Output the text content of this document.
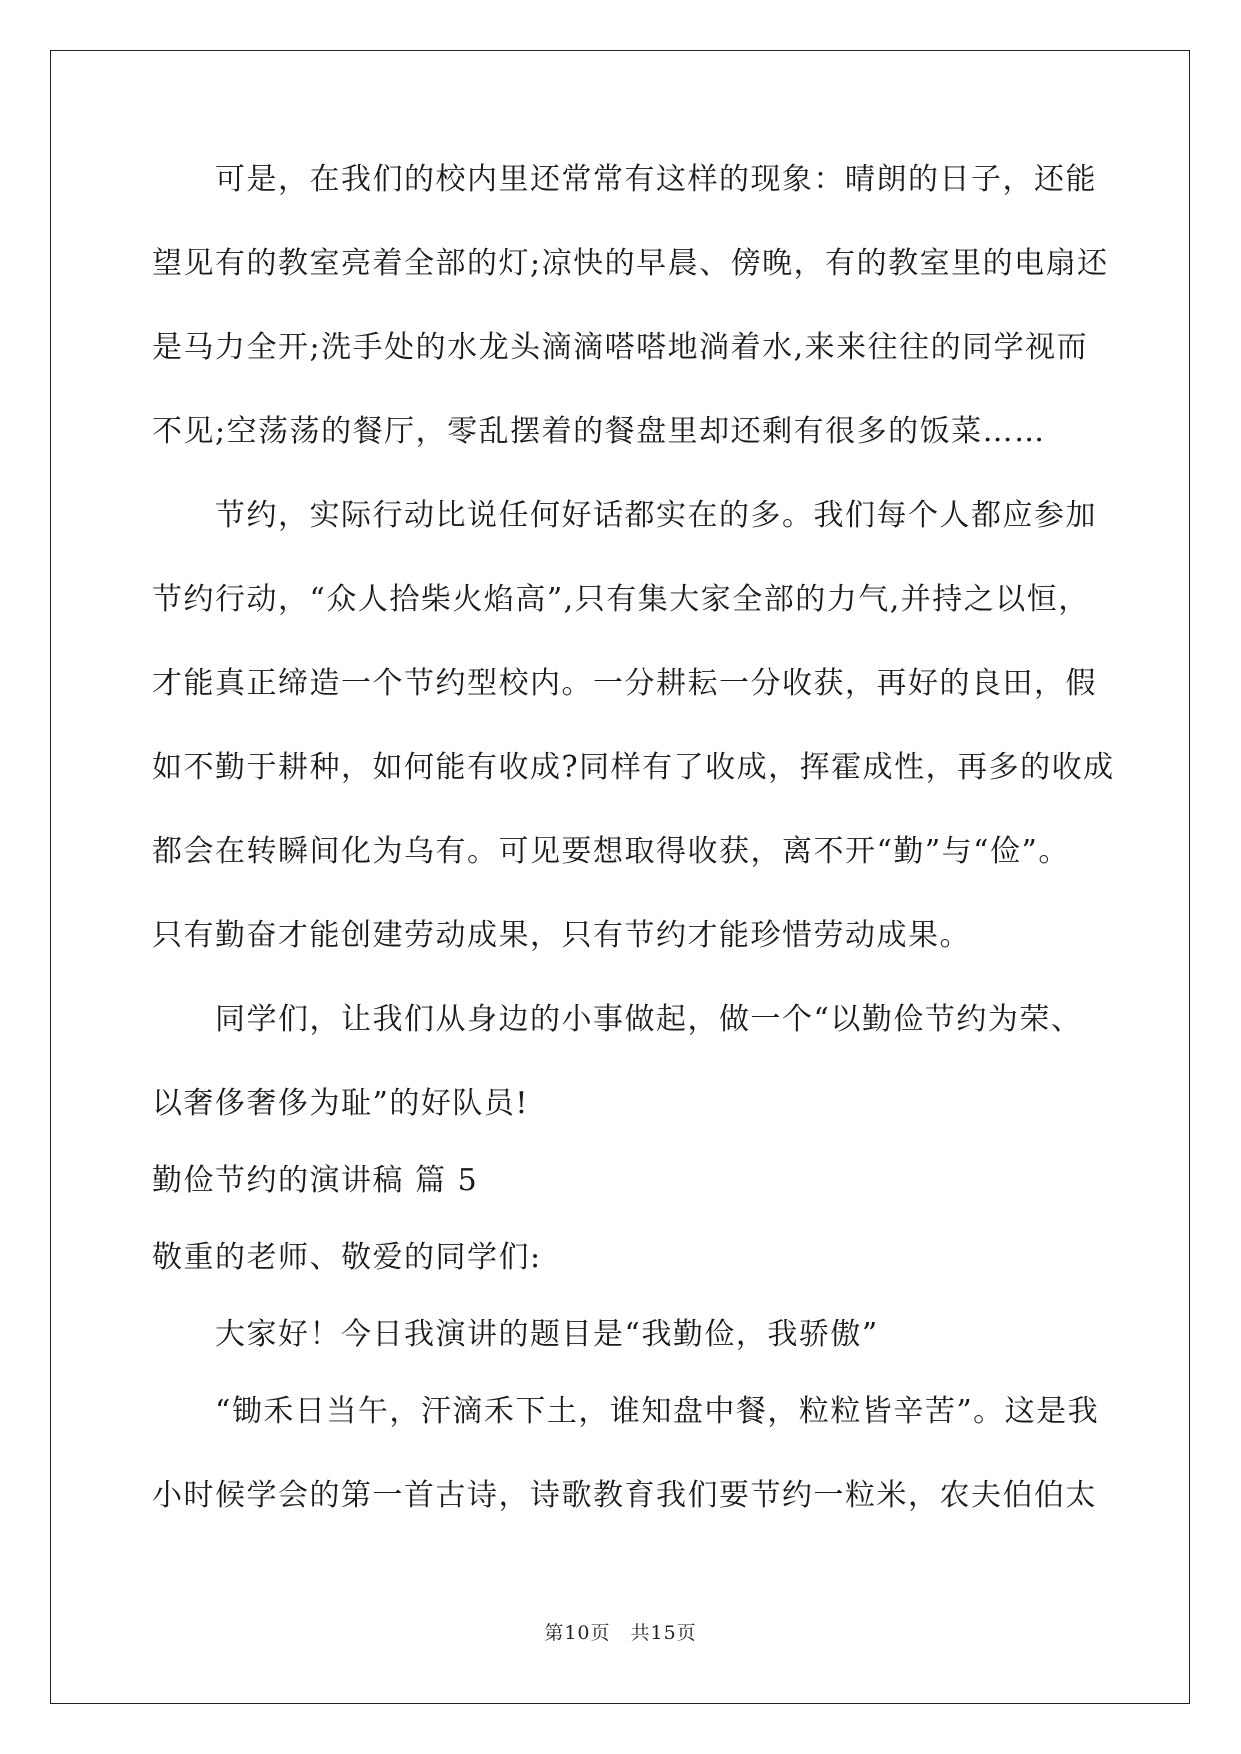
　　可是，在我们的校内里还常常有这样的现象：晴朗的日子，还能
望见有的教室亮着全部的灯;凉快的早晨、傍晚，有的教室里的电扇还
是马力全开;洗手处的水龙头滴滴嗒嗒地淌着水,来来往往的同学视而
不见;空荡荡的餐厅，零乱摆着的餐盘里却还剩有很多的饭菜……
　　节约，实际行动比说任何好话都实在的多。我们每个人都应参加
节约行动，“众人拾柴火焰高”,只有集大家全部的力气,并持之以恒，
才能真正缔造一个节约型校内。一分耕耘一分收获，再好的良田，假
如不勤于耕种，如何能有收成?同样有了收成，挥霍成性，再多的收成
都会在转瞬间化为乌有。可见要想取得收获，离不开“勤”与“俭”。
只有勤奋才能创建劳动成果，只有节约才能珍惜劳动成果。
　　同学们，让我们从身边的小事做起，做一个“以勤俭节约为荣、
以奢侈奢侈为耻”的好队员!
勤俭节约的演讲稿 篇 5
敬重的老师、敬爱的同学们:
　　大家好！今日我演讲的题目是“我勤俭，我骄傲”
　　“锄禾日当午，汗滴禾下土，谁知盘中餐，粒粒皆辛苦”。这是我
小时候学会的第一首古诗，诗歌教育我们要节约一粒米，农夫伯伯太
第10页　共15页
